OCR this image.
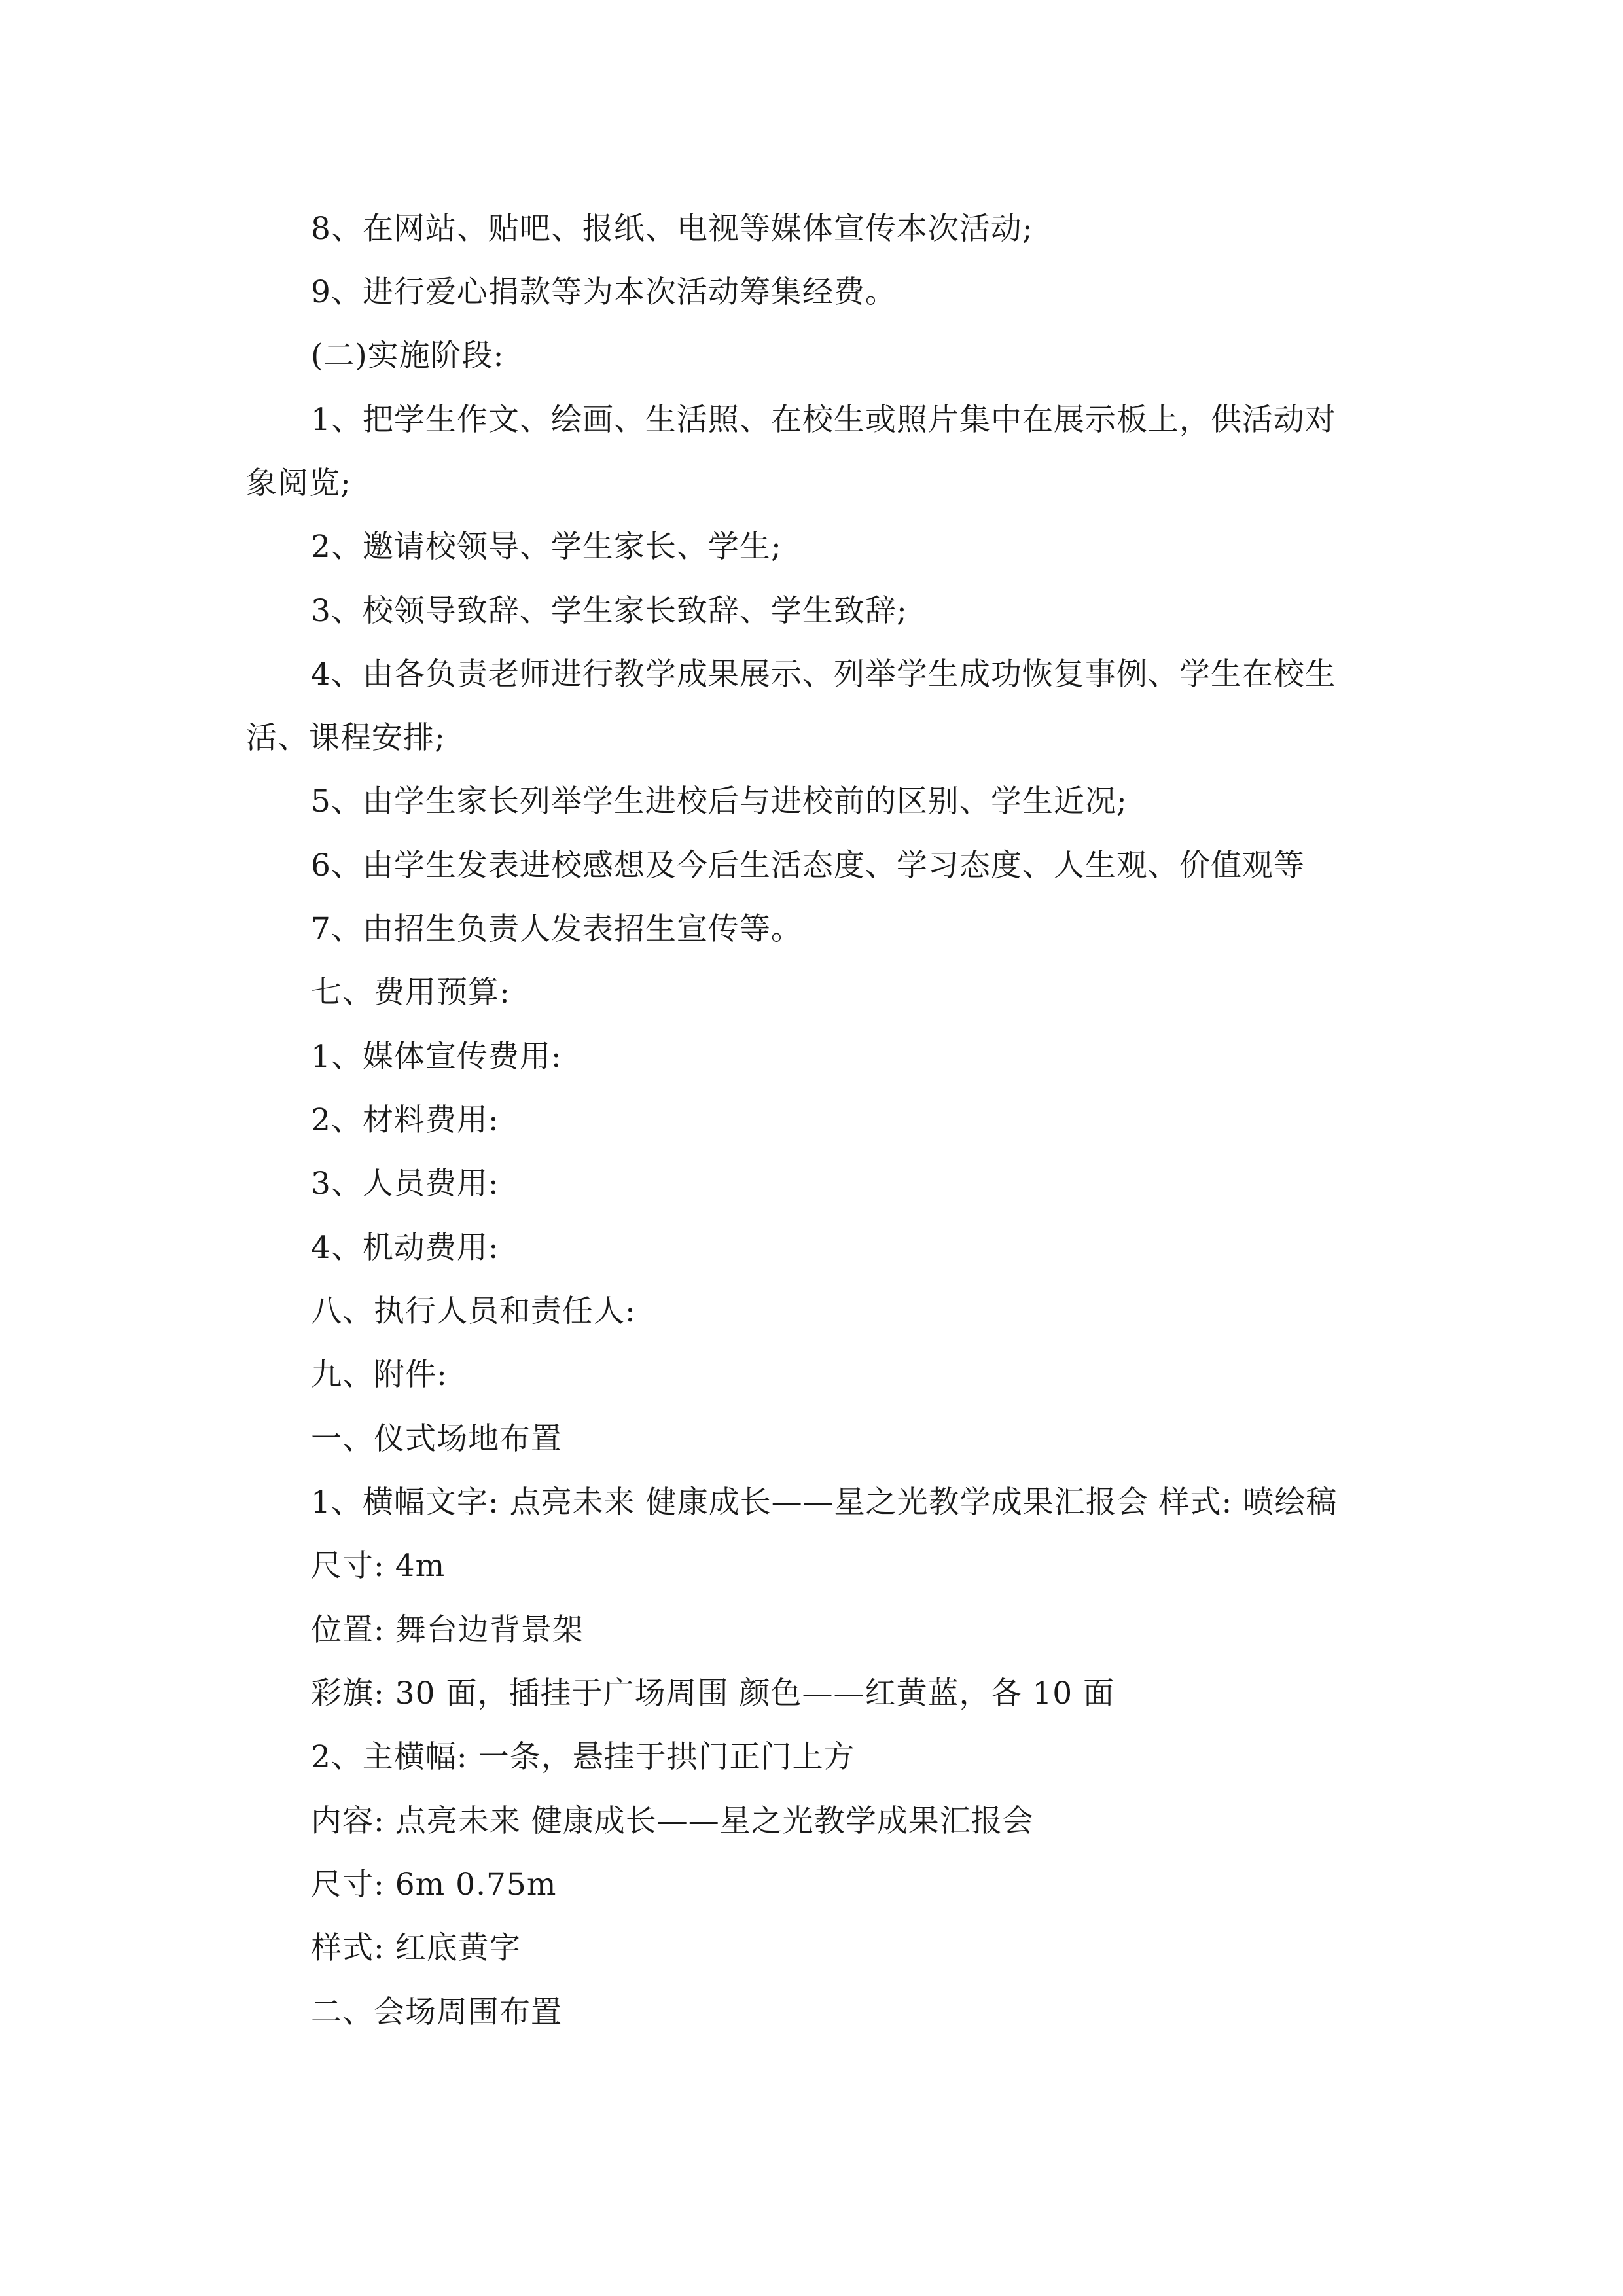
8、在网站、贴吧、报纸、电视等媒体宣传本次活动;
9、进行爱心捐款等为本次活动筹集经费。
(二)实施阶段:
1、把学生作文、绘画、生活照、在校生或照片集中在展示板上，供活动对
象阅览;
2、邀请校领导、学生家长、学生;
3、校领导致辞、学生家长致辞、学生致辞;
4、由各负责老师进行教学成果展示、列举学生成功恢复事例、学生在校生
活、课程安排;
5、由学生家长列举学生进校后与进校前的区别、学生近况;
6、由学生发表进校感想及今后生活态度、学习态度、人生观、价值观等
7、由招生负责人发表招生宣传等。
七、费用预算:
1、媒体宣传费用:
2、材料费用:
3、人员费用:
4、机动费用:
八、执行人员和责任人:
九、附件:
一、仪式场地布置
1、横幅文字: 点亮未来 健康成长——星之光教学成果汇报会 样式: 喷绘稿
尺寸: 4m
位置: 舞台边背景架
彩旗: 30 面，插挂于广场周围 颜色——红黄蓝，各 10 面
2、主横幅: 一条，悬挂于拱门正门上方
内容: 点亮未来 健康成长——星之光教学成果汇报会
尺寸: 6m 0.75m
样式: 红底黄字
二、会场周围布置
